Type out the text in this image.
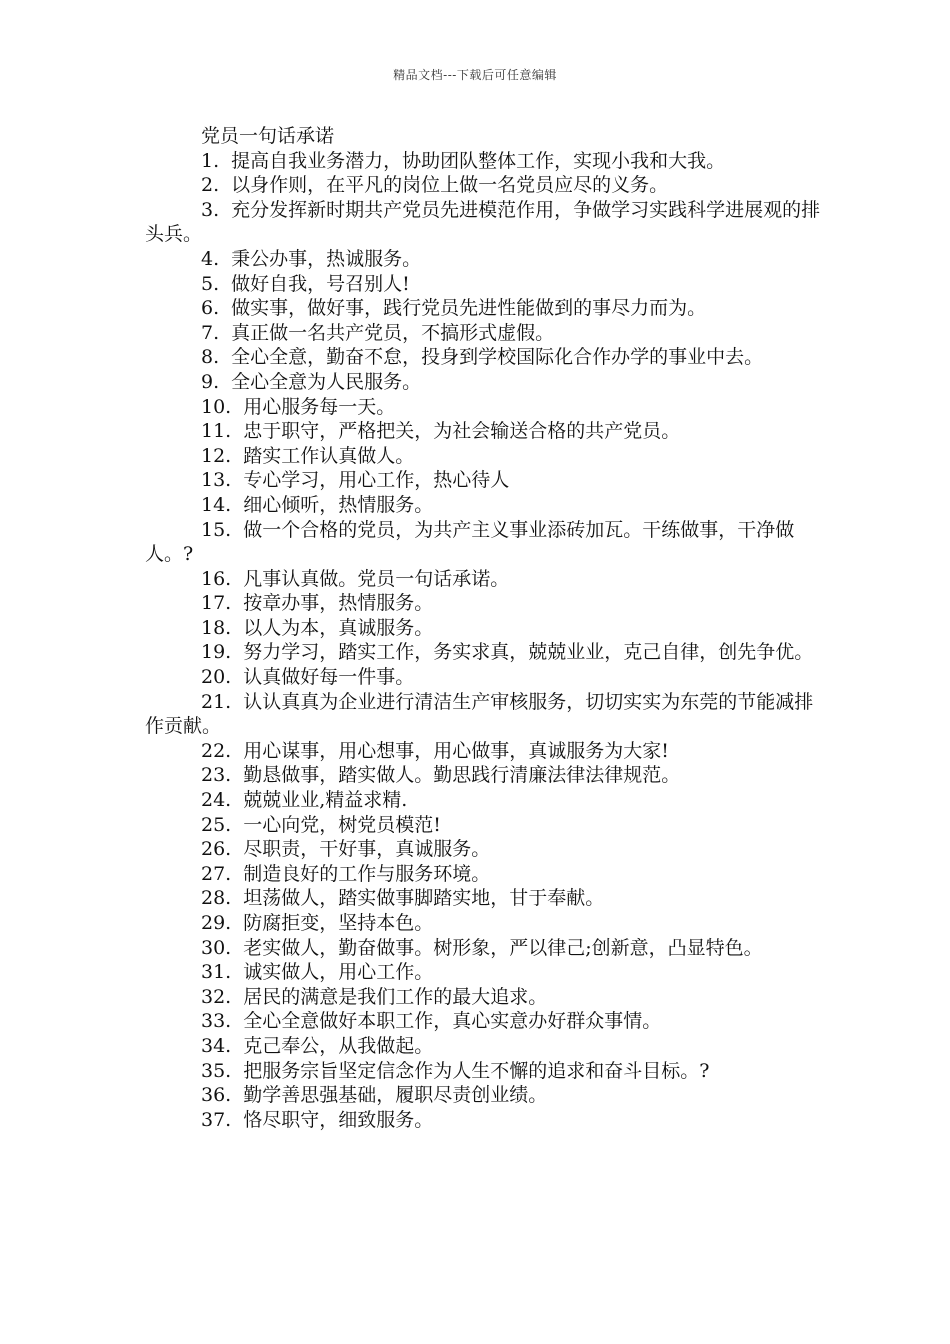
精品文档---下载后可任意编辑
党员一句话承诺
1. 提高自我业务潜力，协助团队整体工作，实现小我和大我。
2. 以身作则，在平凡的岗位上做一名党员应尽的义务。
3. 充分发挥新时期共产党员先进模范作用，争做学习实践科学进展观的排头兵。
4. 秉公办事，热诚服务。
5. 做好自我，号召别人!
6. 做实事，做好事，践行党员先进性能做到的事尽力而为。
7. 真正做一名共产党员，不搞形式虚假。
8. 全心全意，勤奋不怠，投身到学校国际化合作办学的事业中去。
9. 全心全意为人民服务。
10. 用心服务每一天。
11. 忠于职守，严格把关，为社会输送合格的共产党员。
12. 踏实工作认真做人。
13. 专心学习，用心工作，热心待人
14. 细心倾听，热情服务。
15. 做一个合格的党员，为共产主义事业添砖加瓦。干练做事，干净做人。?
16. 凡事认真做。党员一句话承诺。
17. 按章办事，热情服务。
18. 以人为本，真诚服务。
19. 努力学习，踏实工作，务实求真，兢兢业业，克己自律，创先争优。
20. 认真做好每一件事。
21. 认认真真为企业进行清洁生产审核服务，切切实实为东莞的节能减排作贡献。
22. 用心谋事，用心想事，用心做事，真诚服务为大家!
23. 勤恳做事，踏实做人。勤思践行清廉法律法律规范。
24. 兢兢业业,精益求精.
25. 一心向党，树党员模范!
26. 尽职责，干好事，真诚服务。
27. 制造良好的工作与服务环境。
28. 坦荡做人，踏实做事脚踏实地，甘于奉献。
29. 防腐拒变，坚持本色。
30. 老实做人，勤奋做事。树形象，严以律己;创新意，凸显特色。
31. 诚实做人，用心工作。
32. 居民的满意是我们工作的最大追求。
33. 全心全意做好本职工作，真心实意办好群众事情。
34. 克己奉公，从我做起。
35. 把服务宗旨坚定信念作为人生不懈的追求和奋斗目标。?
36. 勤学善思强基础，履职尽责创业绩。
37. 恪尽职守，细致服务。
